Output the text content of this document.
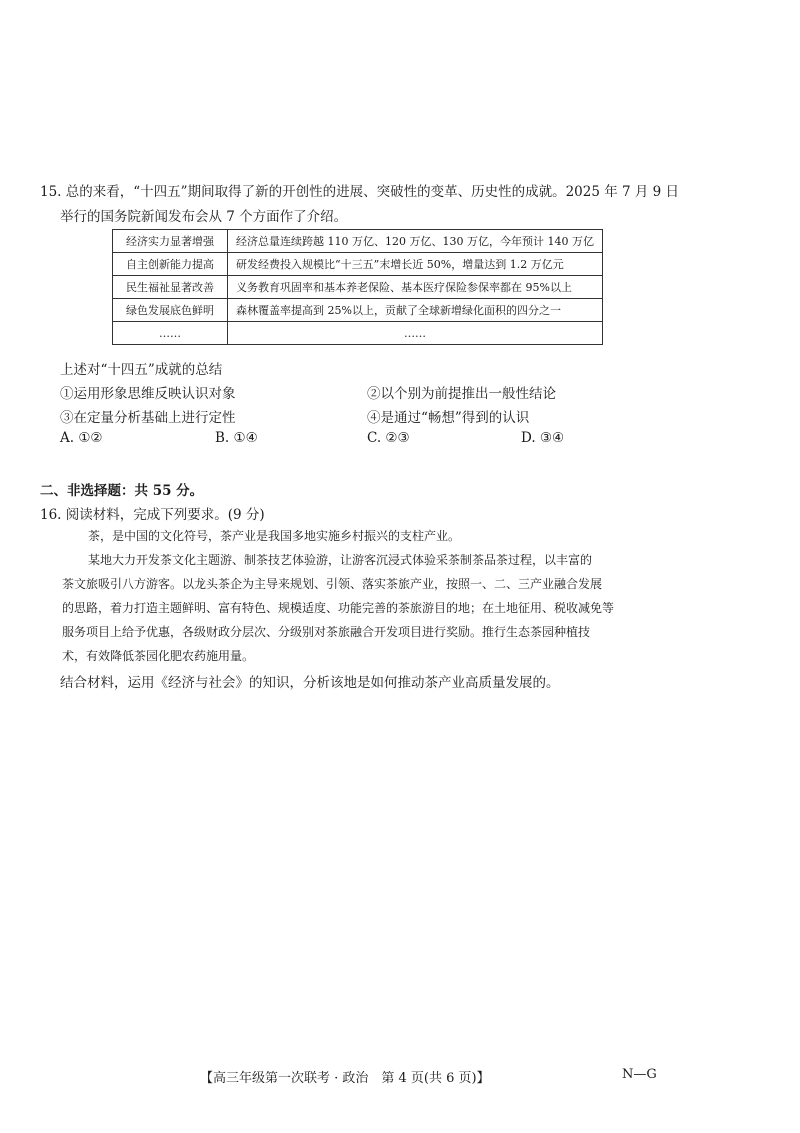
15. 总的来看，“十四五”期间取得了新的开创性的进展、突破性的变革、历史性的成就。2025 年 7 月 9 日
举行的国务院新闻发布会从 7 个方面作了介绍。
经济实力显著增强	经济总量连续跨越 110 万亿、120 万亿、130 万亿，今年预计 140 万亿
自主创新能力提高	研发经费投入规模比“十三五”末增长近 50%，增量达到 1.2 万亿元
民生福祉显著改善	义务教育巩固率和基本养老保险、基本医疗保险参保率都在 95%以上
绿色发展底色鲜明	森林覆盖率提高到 25%以上，贡献了全球新增绿化面积的四分之一
……	……
上述对“十四五”成就的总结
①运用形象思维反映认识对象	②以个别为前提推出一般性结论
③在定量分析基础上进行定性	④是通过“畅想”得到的认识
A. ①②	B. ①④	C. ②③	D. ③④
二、非选择题：共 55 分。
16. 阅读材料，完成下列要求。(9 分)
茶，是中国的文化符号，茶产业是我国多地实施乡村振兴的支柱产业。
某地大力开发茶文化主题游、制茶技艺体验游，让游客沉浸式体验采茶制茶品茶过程，以丰富的
茶文旅吸引八方游客。以龙头茶企为主导来规划、引领、落实茶旅产业，按照一、二、三产业融合发展
的思路，着力打造主题鲜明、富有特色、规模适度、功能完善的茶旅游目的地；在土地征用、税收减免等
服务项目上给予优惠，各级财政分层次、分级别对茶旅融合开发项目进行奖励。推行生态茶园种植技
术，有效降低茶园化肥农药施用量。
结合材料，运用《经济与社会》的知识，分析该地是如何推动茶产业高质量发展的。
【高三年级第一次联考 · 政治　第 4 页(共 6 页)】	N—G
